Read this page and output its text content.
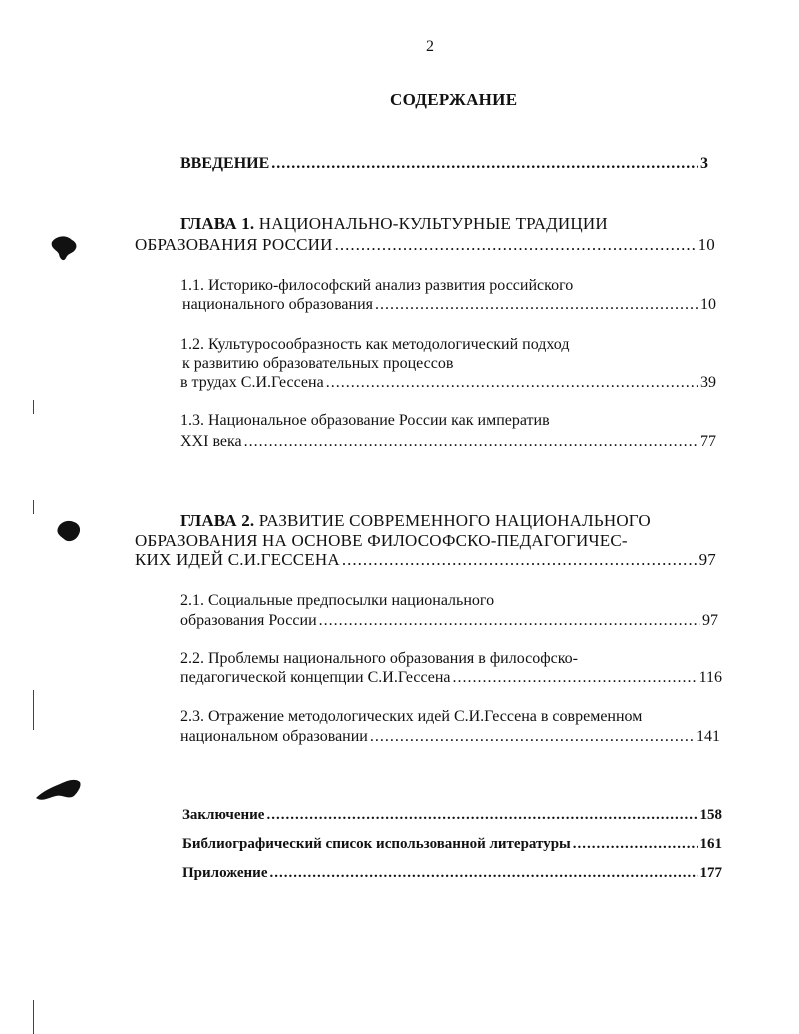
2
СОДЕРЖАНИЕ
ВВЕДЕНИЕ .....	3
ГЛАВА 1. НАЦИОНАЛЬНО-КУЛЬТУРНЫЕ ТРАДИЦИИ
ОБРАЗОВАНИЯ РОССИИ .....	10
1.1. Историко-философский анализ развития российского
национального образования .....	10
1.2. Культуросообразность как методологический подход
к развитию образовательных процессов
в трудах С.И.Гессена .....	39
1.3. Национальное образование России как императив
XXI века .....	77
ГЛАВА 2. РАЗВИТИЕ СОВРЕМЕННОГО НАЦИОНАЛЬНОГО
ОБРАЗОВАНИЯ НА ОСНОВЕ ФИЛОСОФСКО-ПЕДАГОГИЧЕС-
КИХ ИДЕЙ С.И.ГЕССЕНА .....	97
2.1. Социальные предпосылки национального
образования России .....	97
2.2. Проблемы национального образования в философско-
педагогической концепции С.И.Гессена .....	116
2.3. Отражение методологических идей С.И.Гессена в современном
национальном образовании .....	141
Заключение .....	158
Библиографический список использованной литературы .....	161
Приложение .....	177
